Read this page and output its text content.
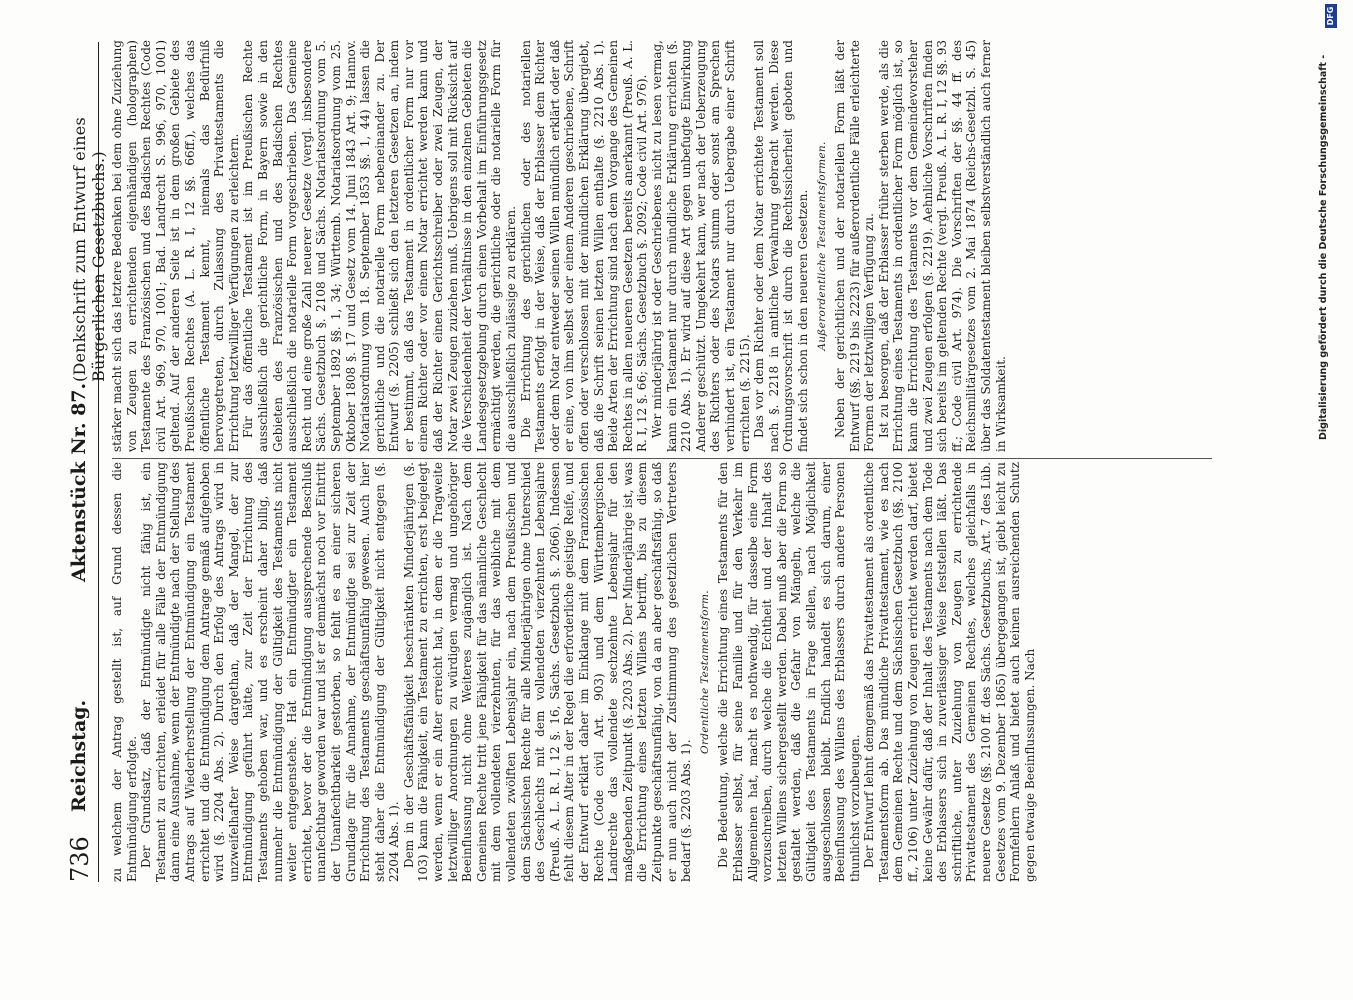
736
Reichstag.
Aktenstück Nr. 87.
(Denkschrift zum Entwurf eines Bürgerlichen Gesetzbuchs.)

zu welchem der Antrag gestellt ist, auf Grund dessen die Entmündigung erfolgte. Der Grundsatz, daß der Entmündigte nicht fähig ist, ein Testament zu errichten, erleidet für alle Fälle der Entmündigung dann eine Ausnahme, wenn der Entmündigte nach der Stellung des Antrags auf Wiederherstellung der Entmündigung ein Testament errichtet und die Entmündigung dem Antrage gemäß aufgehoben wird (§. 2204 Abs. 2). Durch den Erfolg des Antrags wird in unzweifelhafter Weise dargethan, daß der Mangel, der zur Entmündigung geführt hätte, zur Zeit der Errichtung des Testaments gehoben war, und es erscheint daher billig, daß nunmehr die Entmündigung der Gültigkeit des Testaments nicht weiter entgegenstehe. Hat ein Entmündigter ein Testament errichtet, bevor der die Entmündigung aussprechende Beschluß unanfechtbar geworden war und ist er demnächst noch vor Eintritt der Unanfechtbarkeit gestorben, so fehlt es an einer sicheren Grundlage für die Annahme, der Entmündigte sei zur Zeit der Errichtung des Testaments geschäftsunfähig gewesen. Auch hier steht daher die Entmündigung der Gültigkeit nicht entgegen (§. 2204 Abs. 1). Dem in der Geschäftsfähigkeit beschränkten Minderjährigen (§. 103) kann die Fähigkeit, ein Testament zu errichten, erst beigelegt werden, wenn er ein Alter erreicht hat, in dem er die Tragweite letztwilliger Anordnungen zu würdigen vermag und ungehöriger Beeinflussung nicht ohne Weiteres zugänglich ist. Nach dem Gemeinen Rechte tritt jene Fähigkeit für das männliche Geschlecht mit dem vollendeten vierzehnten, für das weibliche mit dem vollendeten zwölften Lebensjahr ein, nach dem Preußischen und dem Sächsischen Rechte für alle Minderjährigen ohne Unterschied des Geschlechts mit dem vollendeten vierzehnten Lebensjahre (Preuß. A. L. R. I, 12 §. 16, Sächs. Gesetzbuch §. 2066). Indessen fehlt diesem Alter in der Regel die erforderliche geistige Reife, und der Entwurf erklärt daher im Einklange mit dem Französischen Rechte (Code civil Art. 903) und dem Württembergischen Landrechte das vollendete sechzehnte Lebensjahr für den maßgebenden Zeitpunkt (§. 2203 Abs. 2). Der Minderjährige ist, was die Errichtung eines letzten Willens betrifft, bis zu diesem Zeitpunkte geschäftsunfähig, von da an aber geschäftsfähig, so daß er nun auch nicht der Zustimmung des gesetzlichen Vertreters bedarf (§. 2203 Abs. 1).

Ordentliche Testamentsform. Die Bedeutung, welche die Errichtung eines Testaments für den Erblasser selbst, für seine Familie und für den Verkehr im Allgemeinen hat, macht es nothwendig, für dasselbe eine Form vorzuschreiben, durch welche die Echtheit und der Inhalt des letzten Willens sichergestellt werden. Dabei muß aber die Form so gestaltet werden, daß die Gefahr von Mängeln, welche die Gültigkeit des Testaments in Frage stellen, nach Möglichkeit ausgeschlossen bleibt. Endlich handelt es sich darum, einer Beeinflussung des Willens des Erblassers durch andere Personen thunlichst vorzubeugen. Der Entwurf lehnt demgemäß das Privattestament als ordentliche Testamentsform ab. Das mündliche Privattestament, wie es nach dem Gemeinen Rechte und dem Sächsischen Gesetzbuch (§§. 2100 ff., 2106) unter Zuziehung von Zeugen errichtet werden darf, bietet keine Gewähr dafür, daß der Inhalt des Testaments nach dem Tode des Erblassers sich in zuverlässiger Weise feststellen läßt. Das schriftliche, unter Zuziehung von Zeugen zu errichtende Privattestament des Gemeinen Rechtes, welches gleichfalls in neuere Gesetze (§§. 2100 ff. des Sächs. Gesetzbuchs, Art. 7 des Lüb. Gesetzes vom 9. Dezember 1865) übergegangen ist, giebt leicht zu Formfehlern Anlaß und bietet auch keinen ausreichenden Schutz gegen etwaige Beeinflussungen. Nach

stärker macht sich das letztere Bedenken bei dem ohne Zuziehung von Zeugen zu errichtenden eigenhändigen (holographen) Testamente des Französischen und des Badischen Rechtes (Code civil Art. 969, 970, 1001; Bad. Landrecht S. 996, 970, 1001) geltend. Auf der anderen Seite ist in dem großen Gebiete des Preußischen Rechtes (A. L. R. I, 12 §§. 66ff.), welches das öffentliche Testament kennt, niemals das Bedürfniß hervorgetreten, durch Zulassung des Privattestaments die Errichtung letztwilliger Verfügungen zu erleichtern. Für das öffentliche Testament ist im Preußischen Rechte ausschließlich die gerichtliche Form, in Bayern sowie in den Gebieten des Französischen und des Badischen Rechtes ausschließlich die notarielle Form vorgeschrieben. Das Gemeine Recht und eine große Zahl neuerer Gesetze (vergl. insbesondere Sächs. Gesetzbuch §. 2108 und Sächs. Notariatsordnung vom 5. September 1892 §§. 1, 34; Württemb. Notariatsordnung vom 25. Oktober 1808 §. 17 und Gesetz vom 14. Juni 1843 Art. 9; Hannov. Notariatsordnung vom 18. September 1853 §§. 1, 44) lassen die gerichtliche und die notarielle Form nebeneinander zu. Der Entwurf (§. 2205) schließt sich den letzteren Gesetzen an, indem er bestimmt, daß das Testament in ordentlicher Form nur vor einem Richter oder vor einem Notar errichtet werden kann und daß der Richter einen Gerichtsschreiber oder zwei Zeugen, der Notar zwei Zeugen zuziehen muß. Uebrigens soll mit Rücksicht auf die Verschiedenheit der Verhältnisse in den einzelnen Gebieten die Landesgesetzgebung durch einen Vorbehalt im Einführungsgesetz ermächtigt werden, die gerichtliche oder die notarielle Form für die ausschließlich zulässige zu erklären. Die Errichtung des gerichtlichen oder des notariellen Testaments erfolgt in der Weise, daß der Erblasser dem Richter oder dem Notar entweder seinen Willen mündlich erklärt oder daß er eine, von ihm selbst oder einem Anderen geschriebene, Schrift offen oder verschlossen mit der mündlichen Erklärung übergiebt, daß die Schrift seinen letzten Willen enthalte (§. 2210 Abs. 1). Beide Arten der Errichtung sind nach dem Vorgange des Gemeinen Rechtes in allen neueren Gesetzen bereits anerkannt (Preuß. A. L. R. I, 12 §. 66; Sächs. Gesetzbuch §. 2092; Code civil Art. 976). Wer minderjährig ist oder Geschriebenes nicht zu lesen vermag, kann ein Testament nur durch mündliche Erklärung errichten (§. 2210 Abs. 1). Er wird auf diese Art gegen unbefugte Einwirkung Anderer geschützt. Umgekehrt kann, wer nach der Ueberzeugung des Richters oder des Notars stumm oder sonst am Sprechen verhindert ist, ein Testament nur durch Uebergabe einer Schrift errichten (§. 2215). Das vor dem Richter oder dem Notar errichtete Testament soll nach §. 2218 in amtliche Verwahrung gebracht werden. Diese Ordnungsvorschrift ist durch die Rechtssicherheit geboten und findet sich schon in den neueren Gesetzen. Außerordentliche Testamentsformen. Neben der gerichtlichen und der notariellen Form läßt der Entwurf (§§. 2219 bis 2223) für außerordentliche Fälle erleichterte Formen der letztwilligen Verfügung zu. Ist zu besorgen, daß der Erblasser früher sterben werde, als die Errichtung eines Testaments in ordentlicher Form möglich ist, so kann die Errichtung des Testaments vor dem Gemeindevorsteher und zwei Zeugen erfolgen (§. 2219). Aehnliche Vorschriften finden sich bereits im geltenden Rechte (vergl. Preuß. A. L. R. I, 12 §§. 93 ff.; Code civil Art. 974). Die Vorschriften der §§. 44 ff. des Reichsmilitärgesetzes vom 2. Mai 1874 (Reichs-Gesetzbl. S. 45) über das Soldatentestament bleiben selbstverständlich auch ferner in Wirksamkeit.	Digitalisierung gefördert durch die Deutsche Forschungsgemeinschaft -
DFG
